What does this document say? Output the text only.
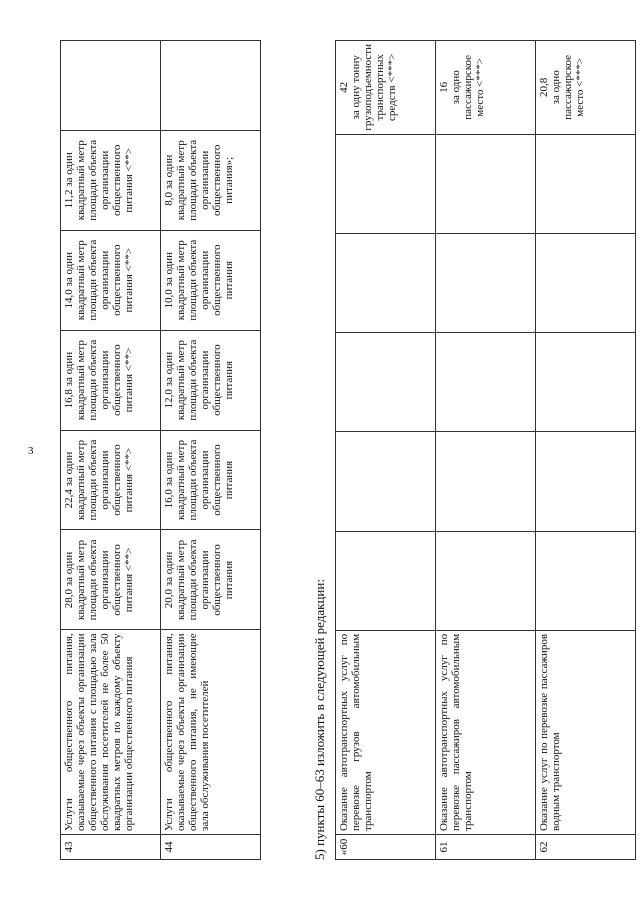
3
43	Услуги общественного питания, оказываемые через объекты организации общественного питания с площадью зала обслуживания посетителей не более 50 квадратных метров по каждому объекту организации общественного питания	28,0 за один квадратный метр площади объекта организации общественного питания <**>	22,4 за один квадратный метр площади объекта организации общественного питания <**>	16,8 за один квадратный метр площади объекта организации общественного питания <**>	14,0 за один квадратный метр площади объекта организации общественного питания <**>	11,2 за один квадратный метр площади объекта организации общественного питания <**>	
44	Услуги общественного питания, оказываемые через объекты организации общественного питания, не имеющие зала обслуживания посетителей	20,0 за один квадратный метр площади объекта организации общественного питания	16,0 за один квадратный метр площади объекта организации общественного питания	12,0 за один квадратный метр площади объекта организации общественного питания	10,0 за один квадратный метр площади объекта организации общественного питания	8,0 за один квадратный метр площади объекта организации общественного питания»;	
5) пункты 60–63 изложить в следующей редакции: «60	Оказание автотранспортных услуг по перевозке грузов автомобильным транспортом						42 за одну тонну грузоподъемности транспортных средств <***>
61	Оказание автотранспортных услуг по перевозке пассажиров автомобильным транспортом						16 за одно пассажирское место <***>
62	Оказание услуг по перевозке пассажиров водным транспортом						20,8 за одно пассажирское место <***>
